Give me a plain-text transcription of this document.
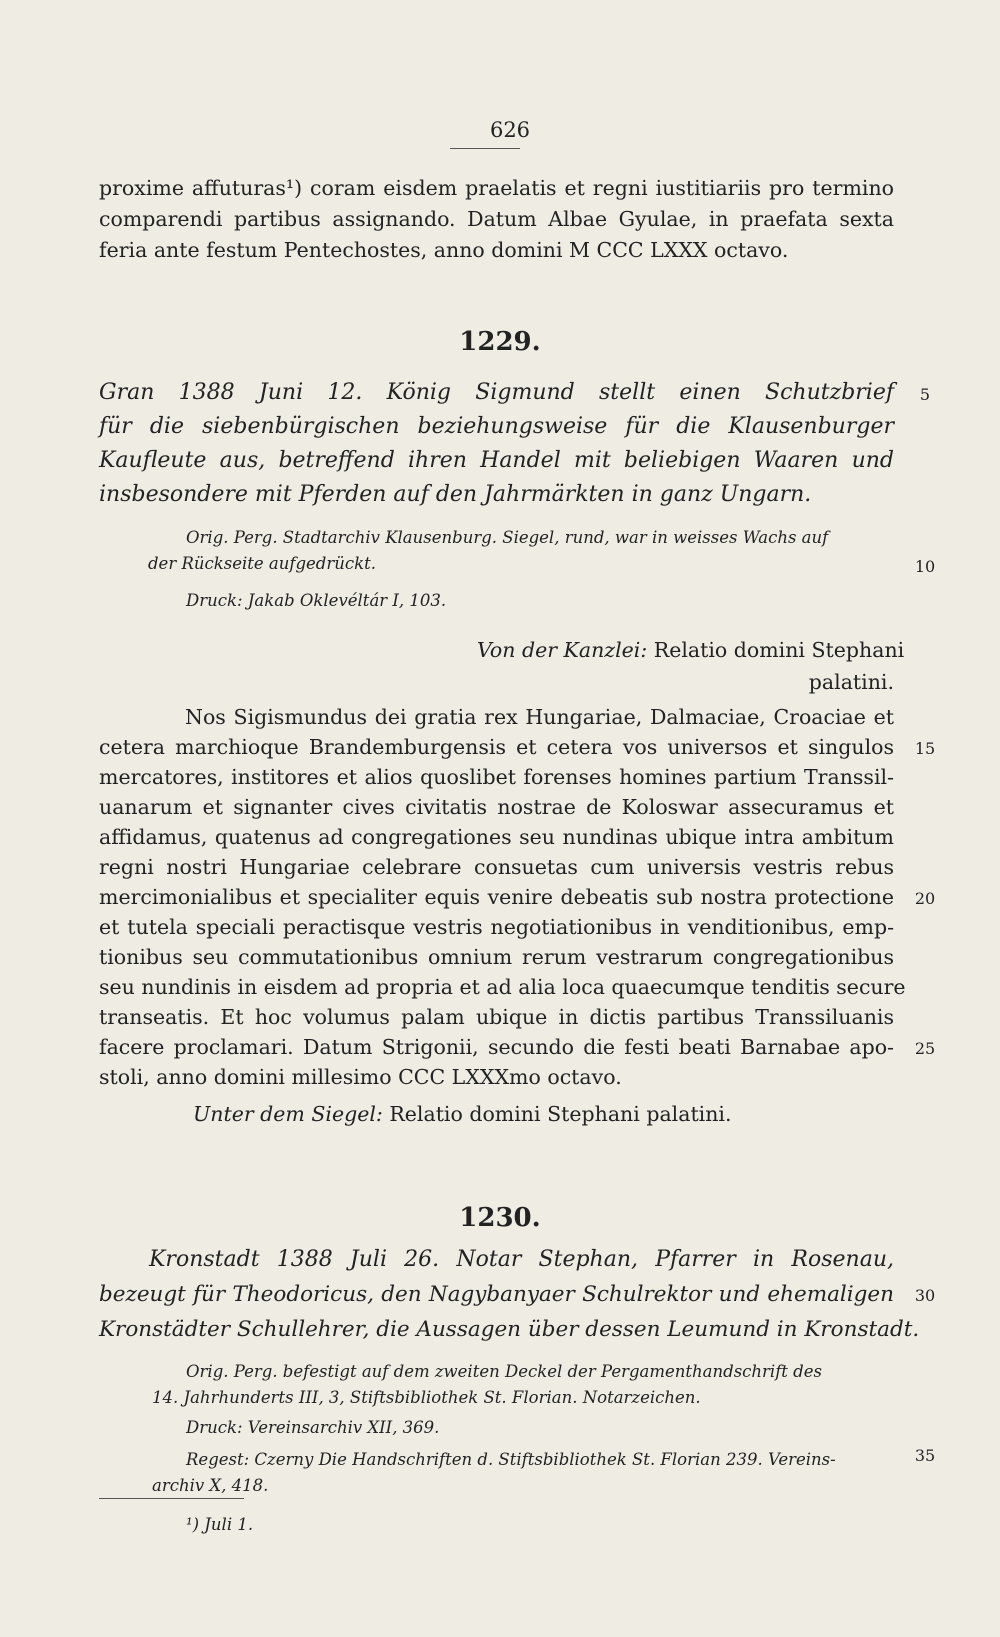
626
proxime affuturas¹) coram eisdem praelatis et regni iustitiariis pro termino
comparendi partibus assignando. Datum Albae Gyulae, in praefata sexta
feria ante festum Pentechostes, anno domini M CCC LXXX octavo.
1229.
Gran 1388 Juni 12. König Sigmund stellt einen Schutzbrief
für die siebenbürgischen beziehungsweise für die Klausenburger
Kaufleute aus, betreffend ihren Handel mit beliebigen Waaren und
insbesondere mit Pferden auf den Jahrmärkten in ganz Ungarn.
Orig. Perg. Stadtarchiv Klausenburg. Siegel, rund, war in weisses Wachs auf
der Rückseite aufgedrückt.
Druck: Jakab Oklevéltár I, 103.
Von der Kanzlei: Relatio domini Stephani
palatini.
Nos Sigismundus dei gratia rex Hungariae, Dalmaciae, Croaciae et
cetera marchioque Brandemburgensis et cetera vos universos et singulos
mercatores, institores et alios quoslibet forenses homines partium Transsil-
uanarum et signanter cives civitatis nostrae de Koloswar assecuramus et
affidamus, quatenus ad congregationes seu nundinas ubique intra ambitum
regni nostri Hungariae celebrare consuetas cum universis vestris rebus
mercimonialibus et specialiter equis venire debeatis sub nostra protectione
et tutela speciali peractisque vestris negotiationibus in venditionibus, emp-
tionibus seu commutationibus omnium rerum vestrarum congregationibus
seu nundinis in eisdem ad propria et ad alia loca quaecumque tenditis secure
transeatis. Et hoc volumus palam ubique in dictis partibus Transsiluanis
facere proclamari. Datum Strigonii, secundo die festi beati Barnabae apo-
stoli, anno domini millesimo CCC LXXXmo octavo.
Unter dem Siegel: Relatio domini Stephani palatini.
1230.
Kronstadt 1388 Juli 26. Notar Stephan, Pfarrer in Rosenau,
bezeugt für Theodoricus, den Nagybanyaer Schulrektor und ehemaligen
Kronstädter Schullehrer, die Aussagen über dessen Leumund in Kronstadt.
Orig. Perg. befestigt auf dem zweiten Deckel der Pergamenthandschrift des
14. Jahrhunderts III, 3, Stiftsbibliothek St. Florian. Notarzeichen.
Druck: Vereinsarchiv XII, 369.
Regest: Czerny Die Handschriften d. Stiftsbibliothek St. Florian 239. Vereins-
archiv X, 418.
¹) Juli 1.
5
10
15
20
25
30
35
